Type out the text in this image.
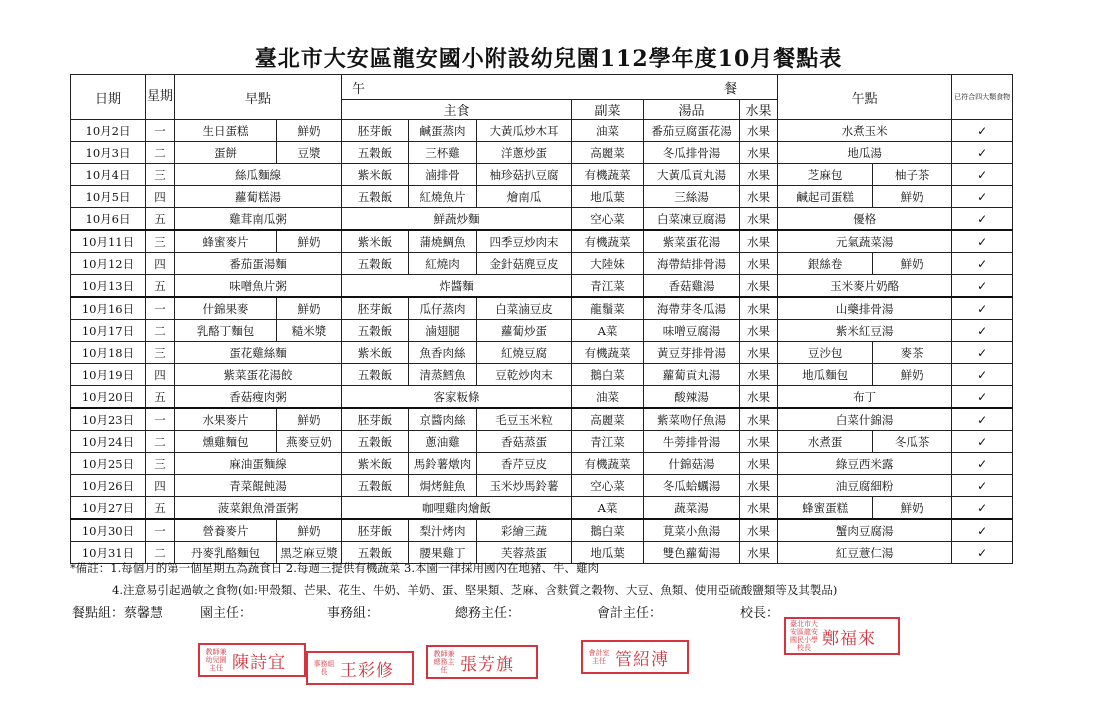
臺北市大安區龍安國小附設幼兒園112學年度10月餐點表
日期	星期	早點		午 餐						午點		已符合四大類食物
				主食			副菜	湯品	水果			
10月2日	一	生日蛋糕	鮮奶	胚芽飯	鹹蛋蒸肉	大黃瓜炒木耳	油菜	番茄豆腐蛋花湯	水果	水煮玉米		✓
10月3日	二	蛋餅	豆漿	五穀飯	三杯雞	洋蔥炒蛋	高麗菜	冬瓜排骨湯	水果	地瓜湯		✓
10月4日	三	絲瓜麵線		紫米飯	滷排骨	柚珍菇扒豆腐	有機蔬菜	大黃瓜貢丸湯	水果	芝麻包	柚子茶	✓
10月5日	四	蘿蔔糕湯		五穀飯	紅燒魚片	燴南瓜	地瓜葉	三絲湯	水果	鹹起司蛋糕	鮮奶	✓
10月6日	五	雞茸南瓜粥		鮮蔬炒麵			空心菜	白菜凍豆腐湯	水果	優格		✓
10月11日	三	蜂蜜麥片	鮮奶	紫米飯	蒲燒鯛魚	四季豆炒肉末	有機蔬菜	紫菜蛋花湯	水果	元氣蔬菜湯		✓
10月12日	四	番茄蛋湯麵		五穀飯	紅燒肉	金針菇麂豆皮	大陸妹	海帶結排骨湯	水果	銀絲卷	鮮奶	✓
10月13日	五	味噌魚片粥		炸醬麵			青江菜	香菇雞湯	水果	玉米麥片奶酪		✓
10月16日	一	什錦果麥	鮮奶	胚芽飯	瓜仔蒸肉	白菜滷豆皮	龍鬚菜	海帶芽冬瓜湯	水果	山藥排骨湯		✓
10月17日	二	乳酪丁麵包	糙米漿	五穀飯	滷翅腿	蘿蔔炒蛋	A菜	味噌豆腐湯	水果	紫米紅豆湯		✓
10月18日	三	蛋花雞絲麵		紫米飯	魚香肉絲	紅燒豆腐	有機蔬菜	黃豆芽排骨湯	水果	豆沙包	麥茶	✓
10月19日	四	紫菜蛋花湯餃		五穀飯	清蒸鱈魚	豆乾炒肉末	鵝白菜	蘿蔔貢丸湯	水果	地瓜麵包	鮮奶	✓
10月20日	五	香菇瘦肉粥		客家粄條			油菜	酸辣湯	水果	布丁		✓
10月23日	一	水果麥片	鮮奶	胚芽飯	京醬肉絲	毛豆玉米粒	高麗菜	紫菜吻仔魚湯	水果	白菜什錦湯		✓
10月24日	二	燻雞麵包	燕麥豆奶	五穀飯	蔥油雞	香菇蒸蛋	青江菜	牛蒡排骨湯	水果	水煮蛋	冬瓜茶	✓
10月25日	三	麻油蛋麵線		紫米飯	馬鈴薯燉肉	香芹豆皮	有機蔬菜	什錦菇湯	水果	綠豆西米露		✓
10月26日	四	青菜餛飩湯		五穀飯	焗烤鮭魚	玉米炒馬鈴薯	空心菜	冬瓜蛤蠣湯	水果	油豆腐細粉		✓
10月27日	五	菠菜銀魚滑蛋粥		咖哩雞肉燴飯			A菜	蔬菜湯	水果	蜂蜜蛋糕	鮮奶	✓
10月30日	一	營養麥片	鮮奶	胚芽飯	梨汁烤肉	彩繪三蔬	鵝白菜	莧菜小魚湯	水果	蟹肉豆腐湯		✓
10月31日	二	丹麥乳酪麵包	黑芝麻豆漿	五穀飯	腰果雞丁	芙蓉蒸蛋	地瓜葉	雙色蘿蔔湯	水果	紅豆薏仁湯		✓
*備註：1.每個月的第一個星期五為蔬食日 2.每週三提供有機蔬菜 3.本園一律採用國內在地豬、牛、雞肉
4.注意易引起過敏之食物(如:甲殼類、芒果、花生、牛奶、羊奶、蛋、堅果類、芝麻、含麩質之穀物、大豆、魚類、使用亞硫酸鹽類等及其製品)
餐點組：蔡馨慧	園主任：	事務組：	總務主任：	會計主任：	校長：
教師兼幼兒園主任 陳詩宜	事務組長 王彩修
教師兼總務主任 張芳旗
會計室主任 管紹溥
臺北市大安區龍安國民小學校長 鄭福來
